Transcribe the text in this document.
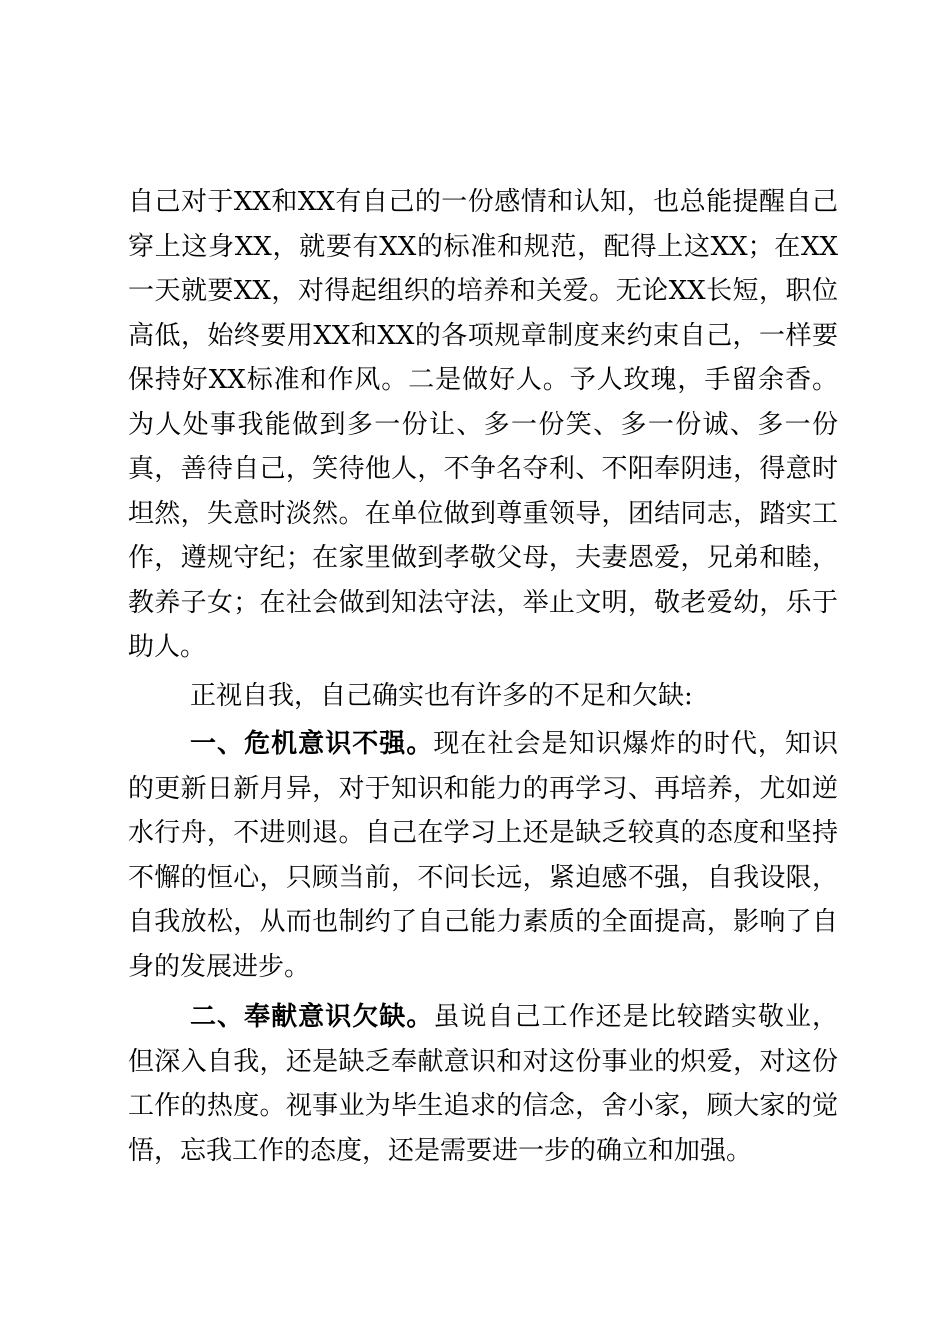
自己对于XX和XX有自己的一份感情和认知，也总能提醒自己穿上这身XX，就要有XX的标准和规范，配得上这XX；在XX一天就要XX，对得起组织的培养和关爱。无论XX长短，职位高低，始终要用XX和XX的各项规章制度来约束自己，一样要保持好XX标准和作风。二是做好人。予人玫瑰，手留余香。为人处事我能做到多一份让、多一份笑、多一份诚、多一份真，善待自己，笑待他人，不争名夺利、不阳奉阴违，得意时坦然，失意时淡然。在单位做到尊重领导，团结同志，踏实工作，遵规守纪；在家里做到孝敬父母，夫妻恩爱，兄弟和睦，教养子女；在社会做到知法守法，举止文明，敬老爱幼，乐于助人。

正视自我，自己确实也有许多的不足和欠缺:

一、危机意识不强。现在社会是知识爆炸的时代，知识的更新日新月异，对于知识和能力的再学习、再培养，尤如逆水行舟，不进则退。自己在学习上还是缺乏较真的态度和坚持不懈的恒心，只顾当前，不问长远，紧迫感不强，自我设限，自我放松，从而也制约了自己能力素质的全面提高，影响了自身的发展进步。

二、奉献意识欠缺。虽说自己工作还是比较踏实敬业，但深入自我，还是缺乏奉献意识和对这份事业的炽爱，对这份工作的热度。视事业为毕生追求的信念，舍小家，顾大家的觉悟，忘我工作的态度，还是需要进一步的确立和加强。
